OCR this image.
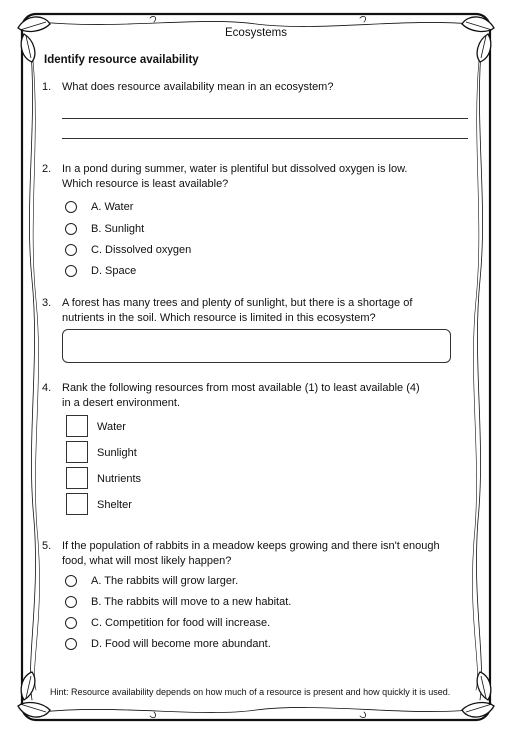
Ecosystems
Identify resource availability
1. What does resource availability mean in an ecosystem?
2. In a pond during summer, water is plentiful but dissolved oxygen is low.
Which resource is least available?
A. Water
B. Sunlight
C. Dissolved oxygen
D. Space
3. A forest has many trees and plenty of sunlight, but there is a shortage of
nutrients in the soil. Which resource is limited in this ecosystem?
4. Rank the following resources from most available (1) to least available (4)
in a desert environment.
Water
Sunlight
Nutrients
Shelter
5. If the population of rabbits in a meadow keeps growing and there isn't enough
food, what will most likely happen?
A. The rabbits will grow larger.
B. The rabbits will move to a new habitat.
C. Competition for food will increase.
D. Food will become more abundant.
Hint: Resource availability depends on how much of a resource is present and how quickly it is used.
